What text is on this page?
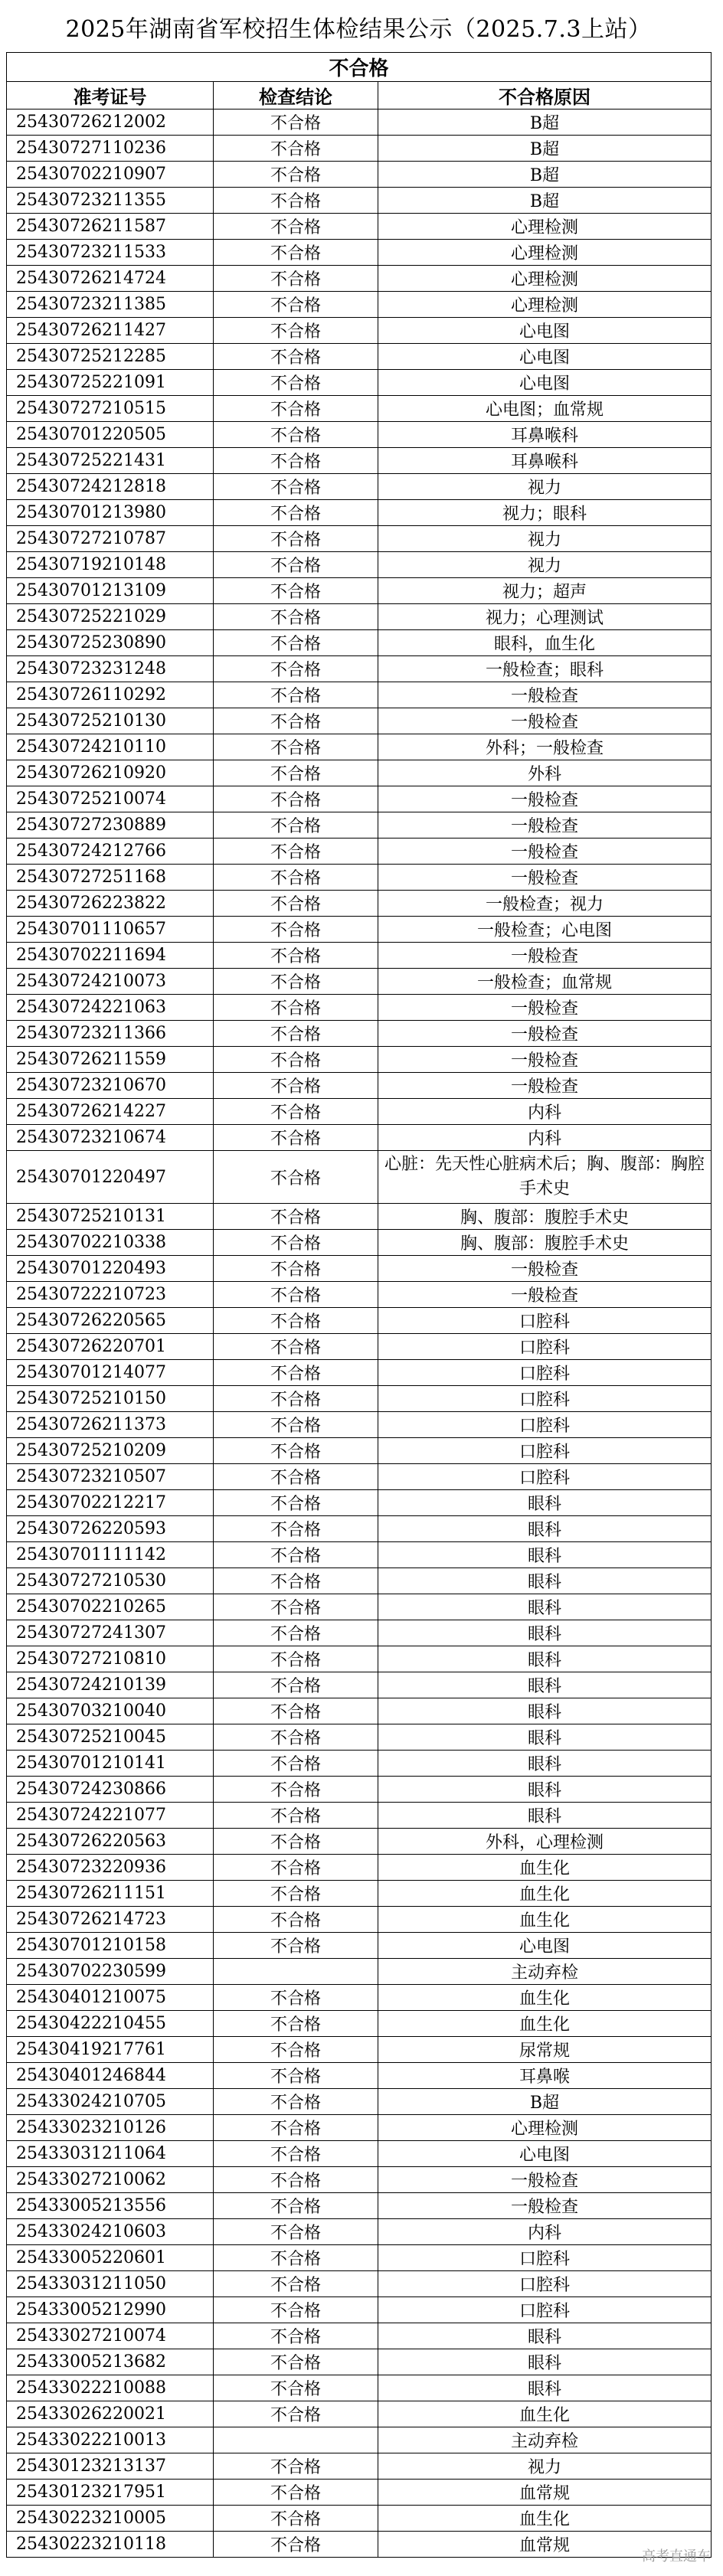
2025年湖南省军校招生体检结果公示（2025.7.3上站）
不合格		
准考证号	检查结论	不合格原因
25430726212002	不合格	B超
25430727110236	不合格	B超
25430702210907	不合格	B超
25430723211355	不合格	B超
25430726211587	不合格	心理检测
25430723211533	不合格	心理检测
25430726214724	不合格	心理检测
25430723211385	不合格	心理检测
25430726211427	不合格	心电图
25430725212285	不合格	心电图
25430725221091	不合格	心电图
25430727210515	不合格	心电图；血常规
25430701220505	不合格	耳鼻喉科
25430725221431	不合格	耳鼻喉科
25430724212818	不合格	视力
25430701213980	不合格	视力；眼科
25430727210787	不合格	视力
25430719210148	不合格	视力
25430701213109	不合格	视力；超声
25430725221029	不合格	视力；心理测试
25430725230890	不合格	眼科，血生化
25430723231248	不合格	一般检查；眼科
25430726110292	不合格	一般检查
25430725210130	不合格	一般检查
25430724210110	不合格	外科；一般检查
25430726210920	不合格	外科
25430725210074	不合格	一般检查
25430727230889	不合格	一般检查
25430724212766	不合格	一般检查
25430727251168	不合格	一般检查
25430726223822	不合格	一般检查；视力
25430701110657	不合格	一般检查；心电图
25430702211694	不合格	一般检查
25430724210073	不合格	一般检查；血常规
25430724221063	不合格	一般检查
25430723211366	不合格	一般检查
25430726211559	不合格	一般检查
25430723210670	不合格	一般检查
25430726214227	不合格	内科
25430723210674	不合格	内科
25430701220497	不合格	心脏：先天性心脏病术后；胸、腹部：胸腔手术史
25430725210131	不合格	胸、腹部：腹腔手术史
25430702210338	不合格	胸、腹部：腹腔手术史
25430701220493	不合格	一般检查
25430722210723	不合格	一般检查
25430726220565	不合格	口腔科
25430726220701	不合格	口腔科
25430701214077	不合格	口腔科
25430725210150	不合格	口腔科
25430726211373	不合格	口腔科
25430725210209	不合格	口腔科
25430723210507	不合格	口腔科
25430702212217	不合格	眼科
25430726220593	不合格	眼科
25430701111142	不合格	眼科
25430727210530	不合格	眼科
25430702210265	不合格	眼科
25430727241307	不合格	眼科
25430727210810	不合格	眼科
25430724210139	不合格	眼科
25430703210040	不合格	眼科
25430725210045	不合格	眼科
25430701210141	不合格	眼科
25430724230866	不合格	眼科
25430724221077	不合格	眼科
25430726220563	不合格	外科，心理检测
25430723220936	不合格	血生化
25430726211151	不合格	血生化
25430726214723	不合格	血生化
25430701210158	不合格	心电图
25430702230599		主动弃检
25430401210075	不合格	血生化
25430422210455	不合格	血生化
25430419217761	不合格	尿常规
25430401246844	不合格	耳鼻喉
25433024210705	不合格	B超
25433023210126	不合格	心理检测
25433031211064	不合格	心电图
25433027210062	不合格	一般检查
25433005213556	不合格	一般检查
25433024210603	不合格	内科
25433005220601	不合格	口腔科
25433031211050	不合格	口腔科
25433005212990	不合格	口腔科
25433027210074	不合格	眼科
25433005213682	不合格	眼科
25433022210088	不合格	眼科
25433026220021	不合格	血生化
25433022210013		主动弃检
25430123213137	不合格	视力
25430123217951	不合格	血常规
25430223210005	不合格	血生化
25430223210118	不合格	血常规
高考直通车
